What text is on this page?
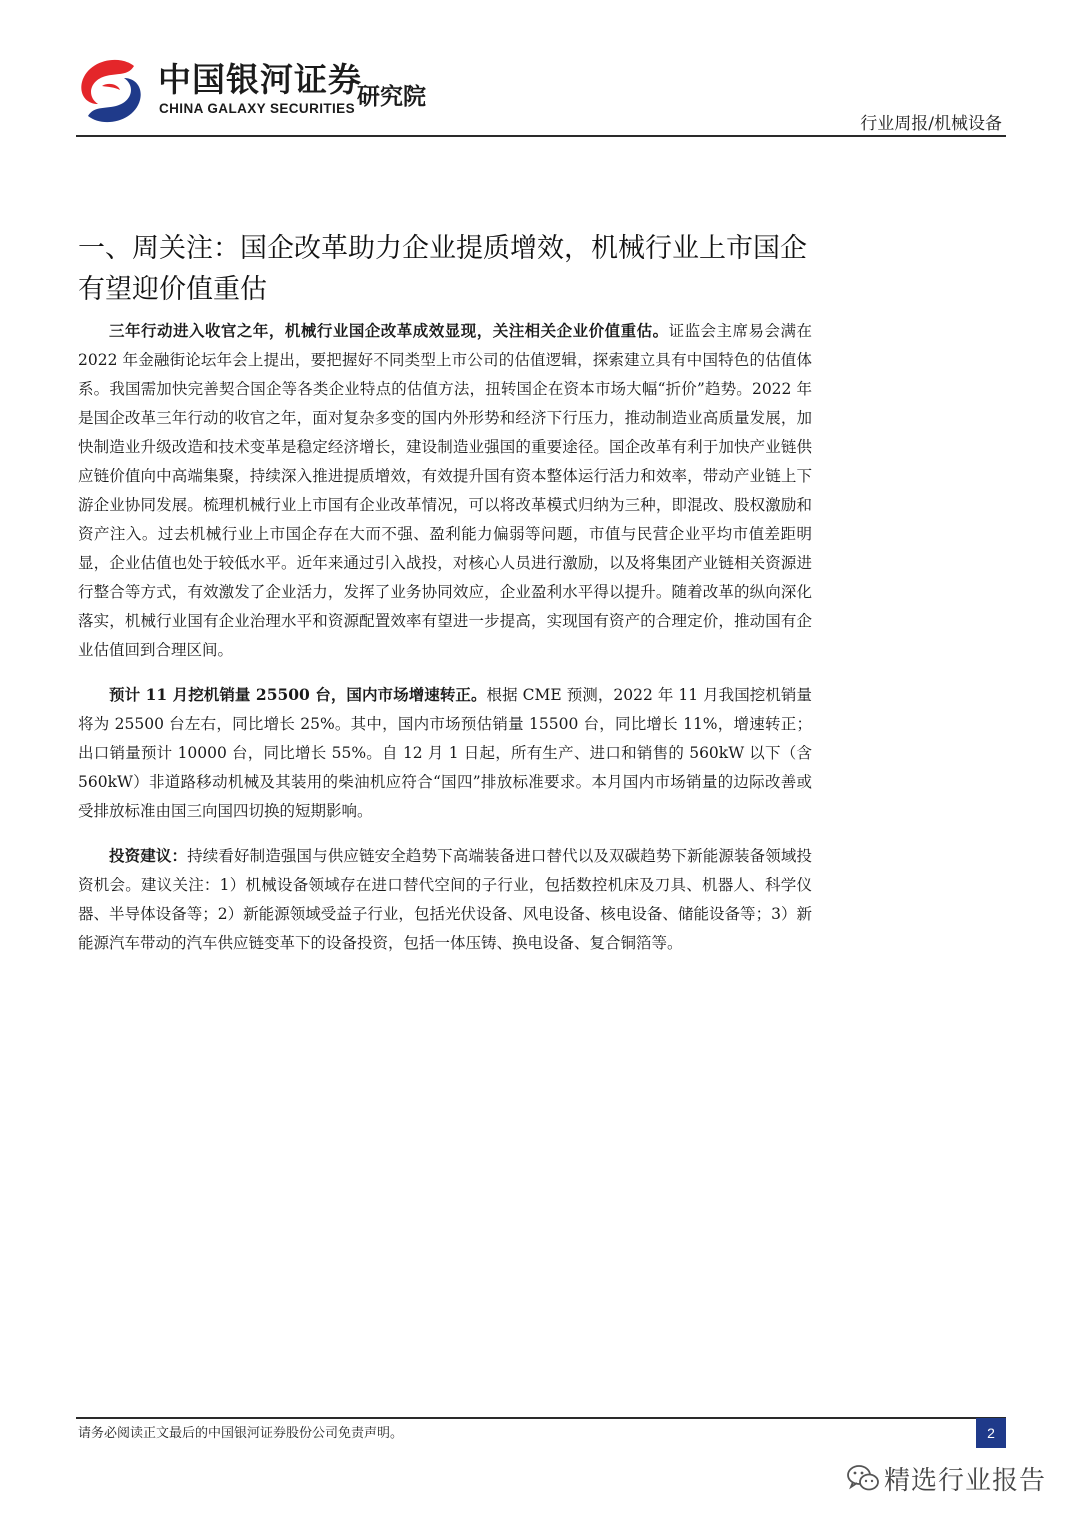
中国银河证券
CHINA GALAXY SECURITIES 研究院
行业周报/机械设备
一、周关注：国企改革助力企业提质增效，机械行业上市国企有望迎价值重估

三年行动进入收官之年，机械行业国企改革成效显现，关注相关企业价值重估。证监会主席易会满在 2022 年金融街论坛年会上提出，要把握好不同类型上市公司的估值逻辑，探索建立具有中国特色的估值体系。我国需加快完善契合国企等各类企业特点的估值方法，扭转国企在资本市场大幅“折价”趋势。2022 年是国企改革三年行动的收官之年，面对复杂多变的国内外形势和经济下行压力，推动制造业高质量发展，加快制造业升级改造和技术变革是稳定经济增长，建设制造业强国的重要途径。国企改革有利于加快产业链供应链价值向中高端集聚，持续深入推进提质增效，有效提升国有资本整体运行活力和效率，带动产业链上下游企业协同发展。梳理机械行业上市国有企业改革情况，可以将改革模式归纳为三种，即混改、股权激励和资产注入。过去机械行业上市国企存在大而不强、盈利能力偏弱等问题，市值与民营企业平均市值差距明显，企业估值也处于较低水平。近年来通过引入战投，对核心人员进行激励，以及将集团产业链相关资源进行整合等方式，有效激发了企业活力，发挥了业务协同效应，企业盈利水平得以提升。随着改革的纵向深化落实，机械行业国有企业治理水平和资源配置效率有望进一步提高，实现国有资产的合理定价，推动国有企业估值回到合理区间。

预计 11 月挖机销量 25500 台，国内市场增速转正。根据 CME 预测，2022 年 11 月我国挖机销量将为 25500 台左右，同比增长 25%。其中，国内市场预估销量 15500 台，同比增长 11%，增速转正；出口销量预计 10000 台，同比增长 55%。自 12 月 1 日起，所有生产、进口和销售的 560kW 以下（含 560kW）非道路移动机械及其装用的柴油机应符合“国四”排放标准要求。本月国内市场销量的边际改善或受排放标准由国三向国四切换的短期影响。

投资建议：持续看好制造强国与供应链安全趋势下高端装备进口替代以及双碳趋势下新能源装备领域投资机会。建议关注：1）机械设备领域存在进口替代空间的子行业，包括数控机床及刀具、机器人、科学仪器、半导体设备等；2）新能源领域受益子行业，包括光伏设备、风电设备、核电设备、储能设备等；3）新能源汽车带动的汽车供应链变革下的设备投资，包括一体压铸、换电设备、复合铜箔等。

请务必阅读正文最后的中国银河证券股份公司免责声明。	2
精选行业报告
